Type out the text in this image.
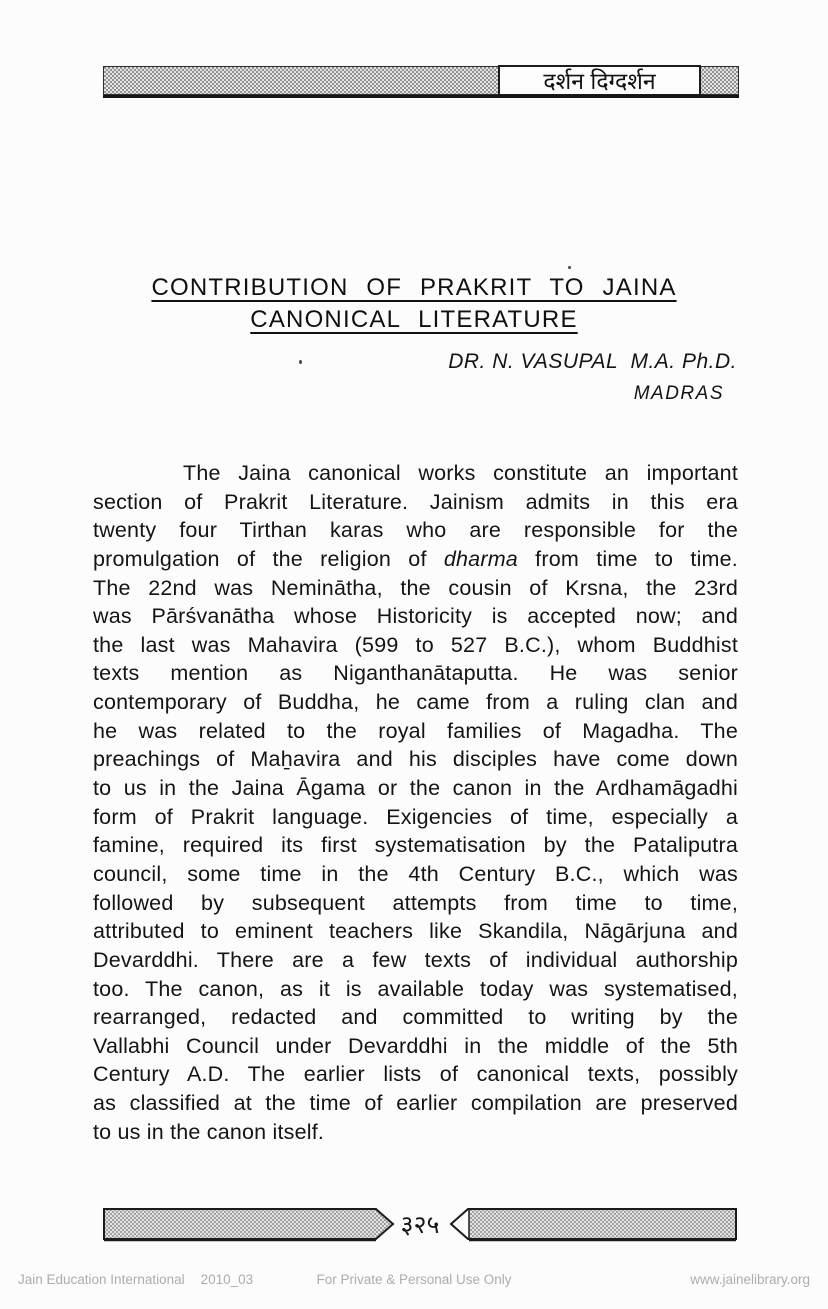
दर्शन दिग्दर्शन
CONTRIBUTION OF PRAKRIT TO JAINA
CANONICAL LITERATURE
DR. N. VASUPAL  M.A. Ph.D.
MADRAS
The Jaina canonical works constitute an important
section of Prakrit Literature. Jainism admits in this era
twenty four Tirthan karas who are responsible for the
promulgation of the religion of dharma from time to time.
The 22nd was Neminātha, the cousin of Krsna, the 23rd
was Pārśvanātha whose Historicity is accepted now; and
the last was Mahavira (599 to 527 B.C.), whom Buddhist
texts mention as Niganthanātaputta. He was senior
contemporary of Buddha, he came from a ruling clan and
he was related to the royal families of Magadha. The
preachings of Maẖavira and his disciples have come down
to us in the Jaina Āgama or the canon in the Ardhamāgadhi
form of Prakrit language. Exigencies of time, especially a
famine, required its first systematisation by the Pataliputra
council, some time in the 4th Century B.C., which was
followed by subsequent attempts from time to time,
attributed to eminent teachers like Skandila, Nāgārjuna and
Devarddhi. There are a few texts of individual authorship
too. The canon, as it is available today was systematised,
rearranged, redacted and committed to writing by the
Vallabhi Council under Devarddhi in the middle of the 5th
Century A.D. The earlier lists of canonical texts, possibly
as classified at the time of earlier compilation are preserved
to us in the canon itself.
३२५
Jain Education International 2010_03	For Private & Personal Use Only	www.jainelibrary.org
